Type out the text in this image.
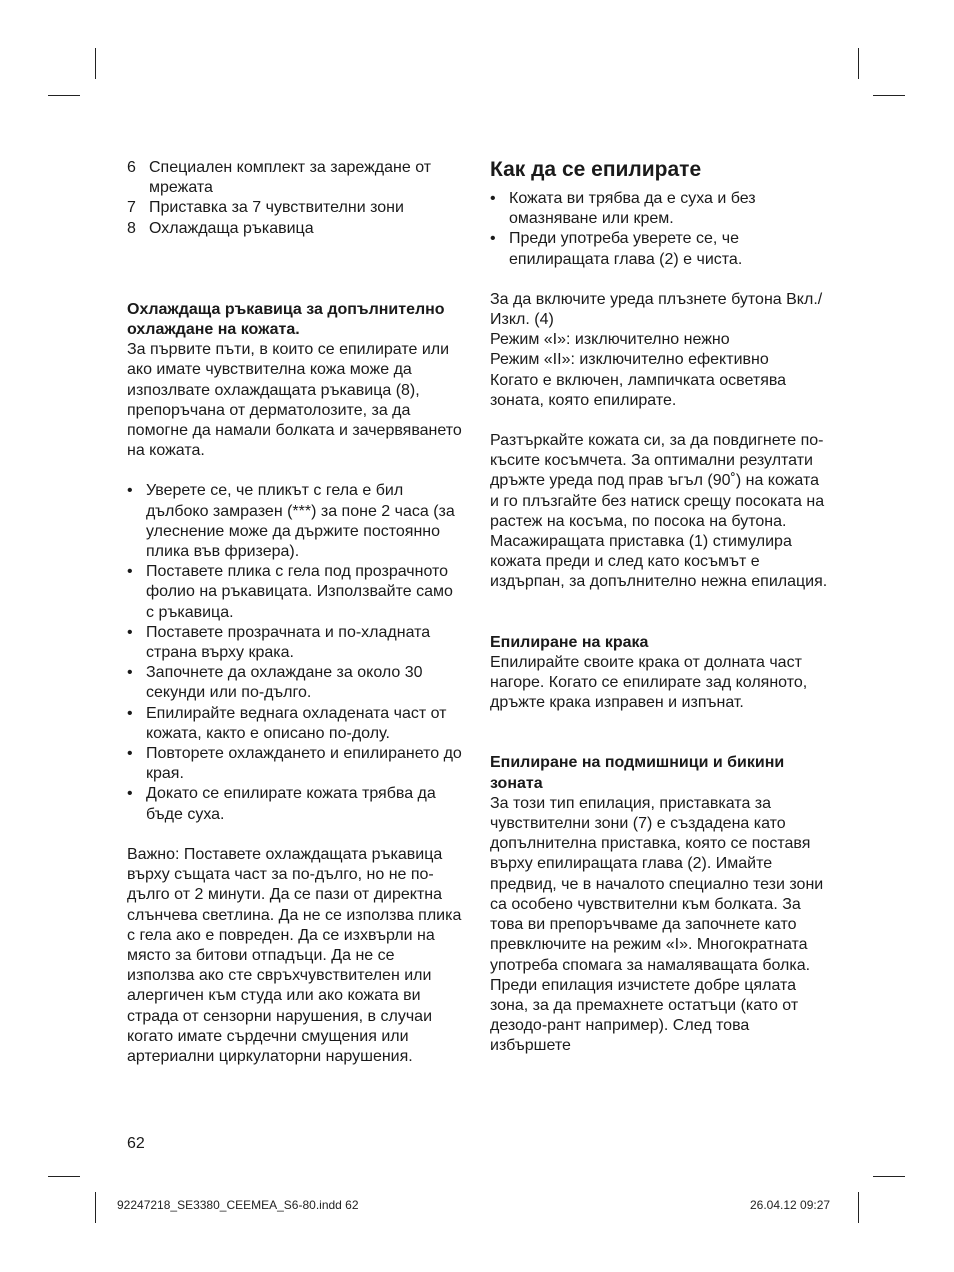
6 Специален комплект за зареждане от мрежата
7 Приставка за 7 чувствителни зони
8 Охлаждаща ръкавица

Охлаждаща ръкавица за допълнително охлаждане на кожата.

За първите пъти, в които се епилирате или ако имате чувствителна кожа може да изпозлвате охлаждащата ръкавица (8), препоръчана от дерматолозите, за да помогне да намали болката и зачервяването на кожата.

• Уверете се, че пликът с гела е бил дълбоко замразен (***) за поне 2 часа (за улеснение може да държите постоянно плика във фризера).
• Поставете плика с гела под прозрачното фолио на ръкавицата. Използвайте само с ръкавица.
• Поставете прозрачната и по-хладната страна върху крака.
• Започнете да охлаждане за около 30 секунди или по-дълго.
• Епилирайте веднага охладената част от кожата, както е описано по-долу.
• Повторете охлаждането и епилирането до края.
• Докато се епилирате кожата трябва да бъде суха.

Важно: Поставете охлаждащата ръкавица върху същата част за по-дълго, но не по-дълго от 2 минути. Да се пази от директна слънчева светлина. Да не се използва плика с гела ако е повреден. Да се изхвърли на място за битови отпадъци. Да не се използва ако сте свръхчувствителен или алергичен към студа или ако кожата ви страда от сензорни нарушения, в случаи когато имате сърдечни смущения или артериални циркулаторни нарушения.

Как да се епилирате
• Кожата ви трябва да е суха и без омазняване или крем.
• Преди употреба уверете се, че епилиращата глава (2) е чиста.

За да включите уреда плъзнете бутона Вкл./Изкл. (4)

Режим «I»: изключително нежно

Режим «II»: изключително ефективно

Когато е включен, лампичката осветява зоната, която епилирате.

Разтъркайте кожата си, за да повдигнете по-късите косъмчета. За оптимални резултати дръжте уреда под прав ъгъл (90˚) на кожата и го плъзгайте без натиск срещу посоката на растеж на косъма, по посока на бутона. Масажиращата приставка (1) стимулира кожата преди и след като косъмът е издърпан, за допълнително нежна епилация.

Епилиране на крака

Епилирайте своите крака от долната част нагоре. Когато се епилирате зад коляното, дръжте крака изправен и изпънат.

Епилиране на подмишници и бикини зоната

За този тип епилация, приставката за чувствителни зони (7) е създадена като допълнителна приставка, която се поставя върху епилиращата глава (2). Имайте предвид, че в началото специално тези зони са особено чувствителни към болката. За това ви препоръчваме да започнете като превключите на режим «I». Многократната употреба спомага за намаляващата болка. Преди епилация изчистете добре цялата зона, за да премахнете остатъци (като от дезодо-рант например). След това избършете

62
92247218_SE3380_CEEMEA_S6-80.indd 62	26.04.12 09:27
